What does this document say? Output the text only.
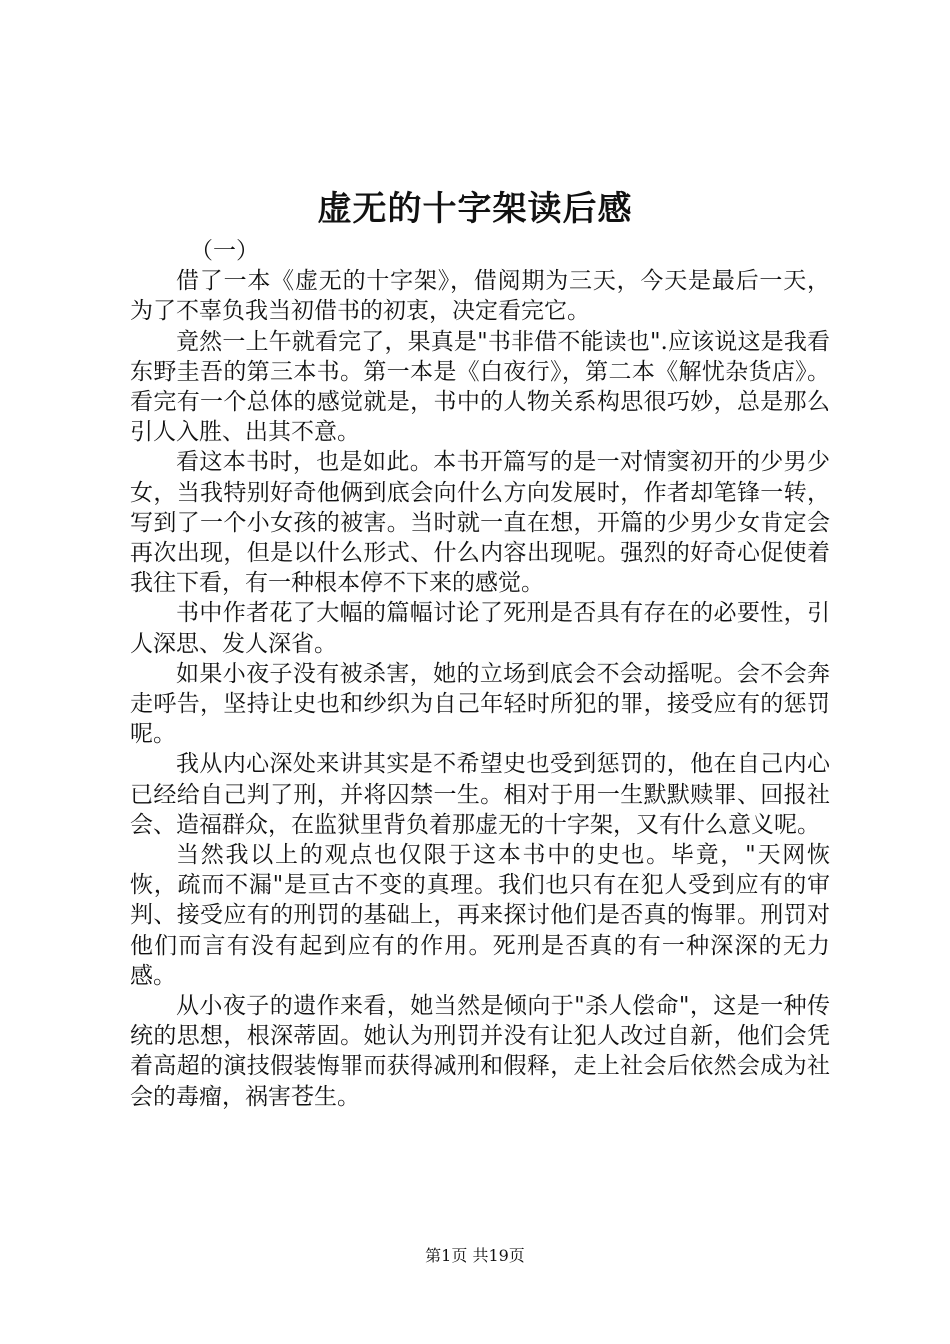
虚无的十字架读后感

（一）

借了一本《虚无的十字架》，借阅期为三天，今天是最后一天，为了不辜负我当初借书的初衷，决定看完它。

竟然一上午就看完了，果真是"书非借不能读也".应该说这是我看东野圭吾的第三本书。第一本是《白夜行》，第二本《解忧杂货店》。看完有一个总体的感觉就是，书中的人物关系构思很巧妙，总是那么引人入胜、出其不意。

看这本书时，也是如此。本书开篇写的是一对情窦初开的少男少女，当我特别好奇他俩到底会向什么方向发展时，作者却笔锋一转，写到了一个小女孩的被害。当时就一直在想，开篇的少男少女肯定会再次出现，但是以什么形式、什么内容出现呢。强烈的好奇心促使着我往下看，有一种根本停不下来的感觉。

书中作者花了大幅的篇幅讨论了死刑是否具有存在的必要性，引人深思、发人深省。

如果小夜子没有被杀害，她的立场到底会不会动摇呢。会不会奔走呼告，坚持让史也和纱织为自己年轻时所犯的罪，接受应有的惩罚呢。

我从内心深处来讲其实是不希望史也受到惩罚的，他在自己内心已经给自己判了刑，并将囚禁一生。相对于用一生默默赎罪、回报社会、造福群众，在监狱里背负着那虚无的十字架，又有什么意义呢。

当然我以上的观点也仅限于这本书中的史也。毕竟，"天网恢恢，疏而不漏"是亘古不变的真理。我们也只有在犯人受到应有的审判、接受应有的刑罚的基础上，再来探讨他们是否真的悔罪。刑罚对他们而言有没有起到应有的作用。死刑是否真的有一种深深的无力感。

从小夜子的遗作来看，她当然是倾向于"杀人偿命"，这是一种传统的思想，根深蒂固。她认为刑罚并没有让犯人改过自新，他们会凭着高超的演技假装悔罪而获得减刑和假释，走上社会后依然会成为社会的毒瘤，祸害苍生。

第1页 共19页
